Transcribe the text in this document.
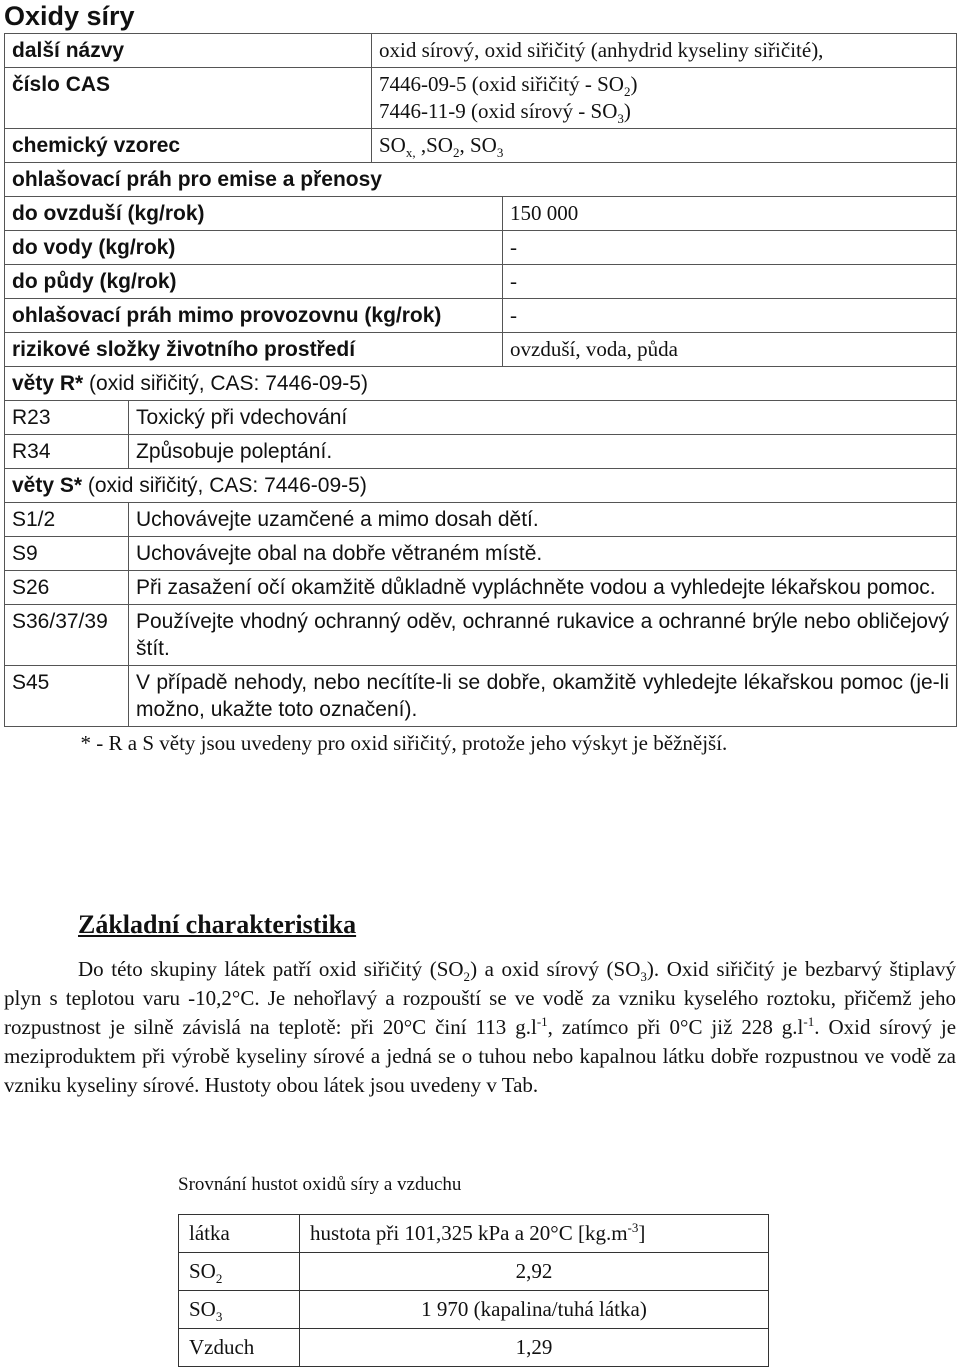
Oxidy síry
další názvy		oxid sírový, oxid siřičitý (anhydrid kyseliny siřičité),	
číslo CAS		7446-09-5 (oxid siřičitý - $SO_2$)
7446-11-9 (oxid sírový - $SO_3$)	

chemický vzorec		$SO_{x,}$ $,SO_2$, $SO_3$
ohlašovací práh pro emise a přenosy			
do ovzduší (kg/rok)			150 000
do vody (kg/rok)			-
do půdy (kg/rok)			-
ohlašovací práh mimo provozovnu (kg/rok)			-
rizikové složky životního prostředí			ovzduší, voda, půda
věty R* (oxid siřičitý, CAS: 7446-09-5)			
R23	Toxický při vdechování		
R34	Způsobuje poleptání.		
věty S* (oxid siřičitý, CAS: 7446-09-5)			
S1/2	Uchovávejte uzamčené a mimo dosah dětí.		
S9	Uchovávejte obal na dobře větraném místě.		
S26	Při zasažení očí okamžitě důkladně vypláchněte vodou a vyhledejte lékařskou pomoc.		
S36/37/39	Používejte vhodný ochranný oděv, ochranné rukavice a ochranné brýle nebo obličejový štít.		
S45	V případě nehody, nebo necítíte-li se dobře, okamžitě vyhledejte lékařskou pomoc (je-li možno, ukažte toto označení).		
* - R a S věty jsou uvedeny pro oxid siřičitý, protože jeho výskyt je běžnější.			
Základní charakteristika

Do této skupiny látek patří oxid siřičitý $(SO_2)$ a oxid sírový $(SO_3)$. Oxid siřičitý je bezbarvý štiplavý plyn s teplotou varu -10,2°C. Je nehořlavý a rozpouští se ve vodě za vzniku kyselého roztoku, přičemž jeho rozpustnost je silně závislá na teplotě: při 20°C činí 113 $g.l^{-1}$, zatímco při 0°C již 228 $g.l^{-1}$. Oxid sírový je meziproduktem při výrobě kyseliny sírové a jedná se o tuhou nebo kapalnou látku dobře rozpustnou ve vodě za vzniku kyseliny sírové. Hustoty obou látek jsou uvedeny v Tab.

Srovnání hustot oxidů síry a vzduchu
látka	hustota při 101,325 kPa a 20°C $[kg.m^{-3}]$
$SO_2$	2,92
$SO_3$	1 970 (kapalina/tuhá látka)
Vzduch	1,29
